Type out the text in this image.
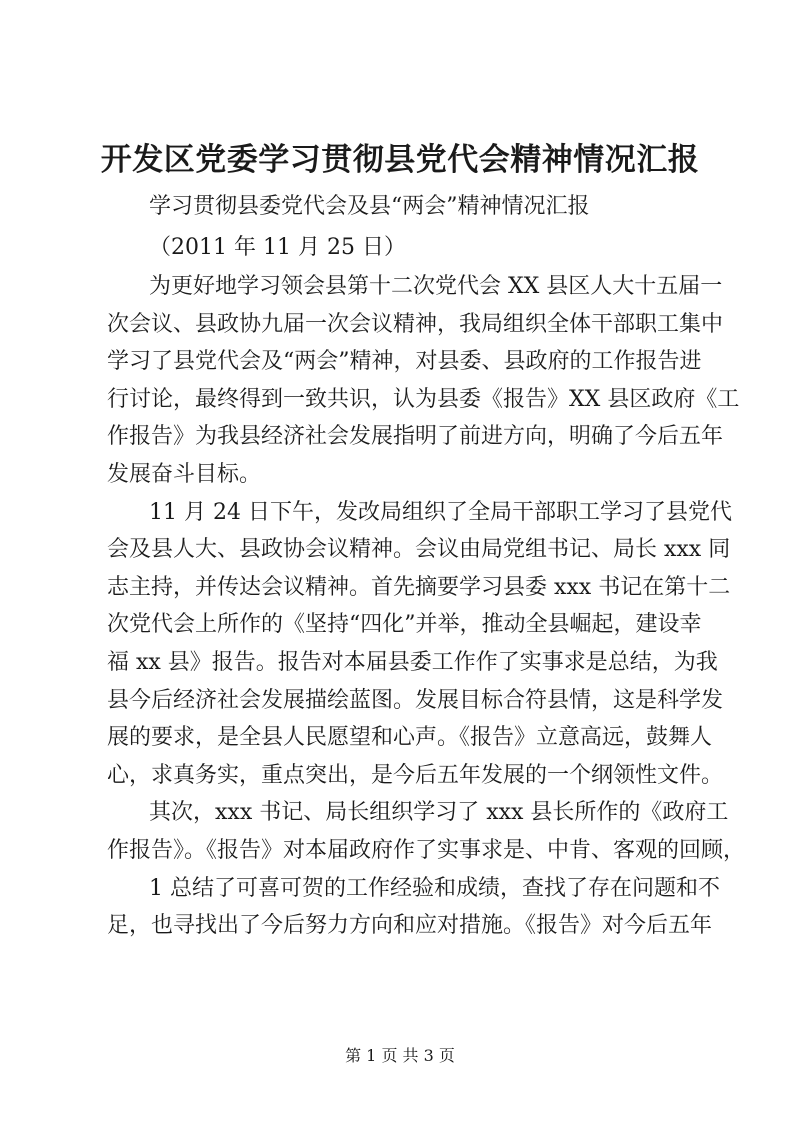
开发区党委学习贯彻县党代会精神情况汇报
学习贯彻县委党代会及县“两会”精神情况汇报
（2011 年 11 月 25 日）

为更好地学习领会县第十二次党代会 XX 县区人大十五届一
次会议、县政协九届一次会议精神，我局组织全体干部职工集中
学习了县党代会及“两会”精神，对县委、县政府的工作报告进
行讨论，最终得到一致共识，认为县委《报告》XX 县区政府《工
作报告》为我县经济社会发展指明了前进方向，明确了今后五年
发展奋斗目标。

11 月 24 日下午，发改局组织了全局干部职工学习了县党代
会及县人大、县政协会议精神。会议由局党组书记、局长 xxx 同
志主持，并传达会议精神。首先摘要学习县委 xxx 书记在第十二
次党代会上所作的《坚持“四化”并举，推动全县崛起，建设幸
福 xx 县》报告。报告对本届县委工作作了实事求是总结，为我
县今后经济社会发展描绘蓝图。发展目标合符县情，这是科学发
展的要求，是全县人民愿望和心声。《报告》立意高远，鼓舞人
心，求真务实，重点突出，是今后五年发展的一个纲领性文件。

其次，xxx 书记、局长组织学习了 xxx 县长所作的《政府工
作报告》。《报告》对本届政府作了实事求是、中肯、客观的回顾，

1 总结了可喜可贺的工作经验和成绩，查找了存在问题和不
足，也寻找出了今后努力方向和应对措施。《报告》对今后五年

第 1 页 共 3 页
